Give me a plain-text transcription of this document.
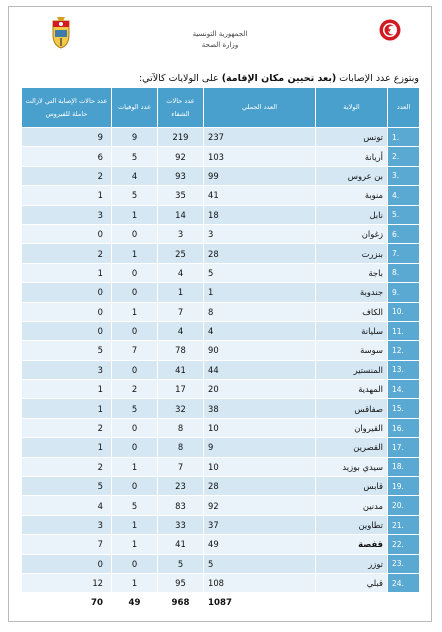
الجمهورية التونسية
وزارة الصحة
وبتوزع عدد الإصابات (بعد تحيين مكان الإقامة) على الولايات كالآتي:
العدد	الولاية	العدد الجملي	عدد حالات الشفاء	عدد الوفيات	عدد حالات الإصابة التي لازالت حاملة للفيروس
1.	تونس	237	219	9	9
2.	أريانة	103	92	5	6
3.	بن عروس	99	93	4	2
4.	منوبة	41	35	5	1
5.	نابل	18	14	1	3
6.	زغوان	3	3	0	0
7.	بنزرت	28	25	1	2
8.	باجة	5	4	0	1
9.	جندوبة	1	1	0	0
10.	الكاف	8	7	1	0
11.	سليانة	4	4	0	0
12.	سوسة	90	78	7	5
13.	المنستير	44	41	0	3
14.	المهدية	20	17	2	1
15.	صفاقس	38	32	5	1
16.	القيروان	10	8	0	2
17.	القصرين	9	8	0	1
18.	سيدي بوزيد	10	7	1	2
19.	قابس	28	23	0	5
20.	مدنين	92	83	5	4
21.	تطاوين	37	33	1	3
22.	قفصة	49	41	1	7
23.	توزر	5	5	0	0
24.	قبلي	108	95	1	12
		1087	968	49	70
